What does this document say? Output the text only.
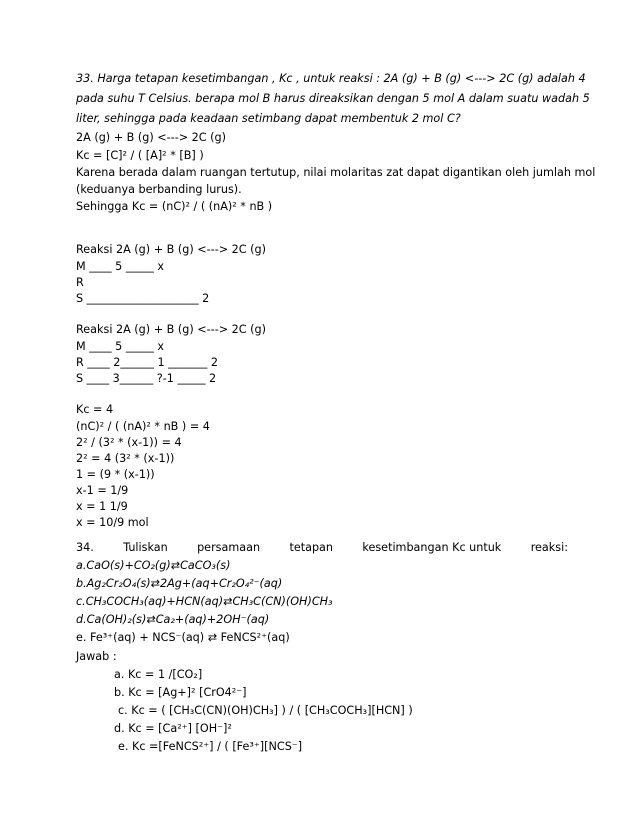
33. Harga tetapan kesetimbangan , Kc , untuk reaksi : 2A (g) + B (g) <---> 2C (g) adalah 4
pada suhu T Celsius. berapa mol B harus direaksikan dengan 5 mol A dalam suatu wadah 5
liter, sehingga pada keadaan setimbang dapat membentuk 2 mol C?
2A (g) + B (g) <---> 2C (g)
Kc = [C]² / ( [A]² * [B] )
Karena berada dalam ruangan tertutup, nilai molaritas zat dapat digantikan oleh jumlah mol
(keduanya berbanding lurus).
Sehingga Kc = (nC)² / ( (nA)² * nB )
Reaksi 2A (g) + B (g) <---> 2C (g)
M ____ 5 _____ x
R
S ____________________ 2
Reaksi 2A (g) + B (g) <---> 2C (g)
M ____ 5 _____ x
R ____ 2______ 1 _______ 2
S ____ 3______ ?-1 _____ 2
Kc = 4
(nC)² / ( (nA)² * nB ) = 4
2² / (3² * (x-1)) = 4
2² = 4 (3² * (x-1))
1 = (9 * (x-1))
x-1 = 1/9
x = 1 1/9
x = 10/9 mol
34.	Tuliskan	persamaan	tetapan	kesetimbangan Kc untuk	reaksi:
a.CaO(s)+CO₂(g)⇄CaCO₃(s)
b.Ag₂Cr₂O₄(s)⇄2Ag+(aq+Cr₂O₄²⁻(aq)
c.CH₃COCH₃(aq)+HCN(aq)⇄CH₃C(CN)(OH)CH₃
d.Ca(OH)₂(s)⇄Ca₂+(aq)+2OH⁻(aq)
e. Fe³⁺(aq) + NCS⁻(aq) ⇄ FeNCS²⁺(aq)
Jawab :
a. Kc = 1 /[CO₂]
b. Kc = [Ag+]² [CrO4²⁻]
c. Kc = ( [CH₃C(CN)(OH)CH₃] ) / ( [CH₃COCH₃][HCN] )
d. Kc = [Ca²⁺] [OH⁻]²
e. Kc =[FeNCS²⁺] / ( [Fe³⁺][NCS⁻]
